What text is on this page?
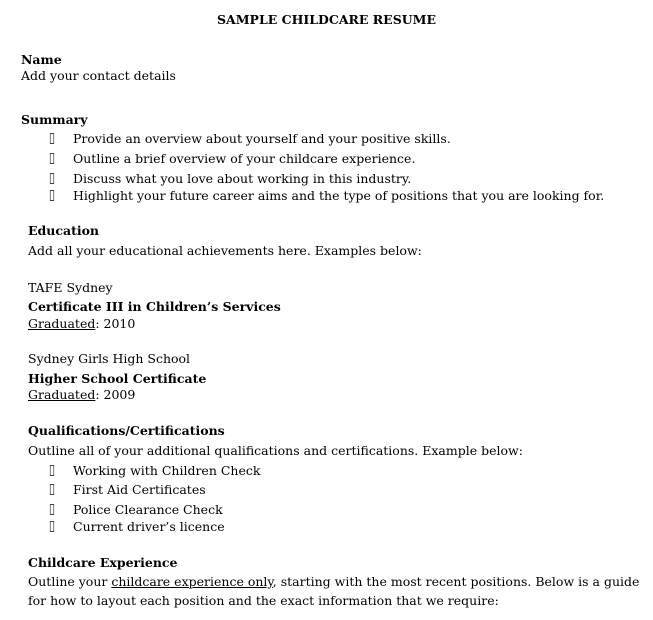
SAMPLE CHILDCARE RESUME
Name
Add your contact details
Summary
Provide an overview about yourself and your positive skills.
Outline a brief overview of your childcare experience.
Discuss what you love about working in this industry.
Highlight your future career aims and the type of positions that you are looking for.
Education
Add all your educational achievements here. Examples below:
TAFE Sydney
Certificate III in Children’s Services
Graduated: 2010
Sydney Girls High School
Higher School Certificate
Graduated: 2009
Qualifications/Certifications
Outline all of your additional qualifications and certifications. Example below:
Working with Children Check
First Aid Certificates
Police Clearance Check
Current driver’s licence
Childcare Experience
Outline your childcare experience only, starting with the most recent positions. Below is a guide
for how to layout each position and the exact information that we require:
